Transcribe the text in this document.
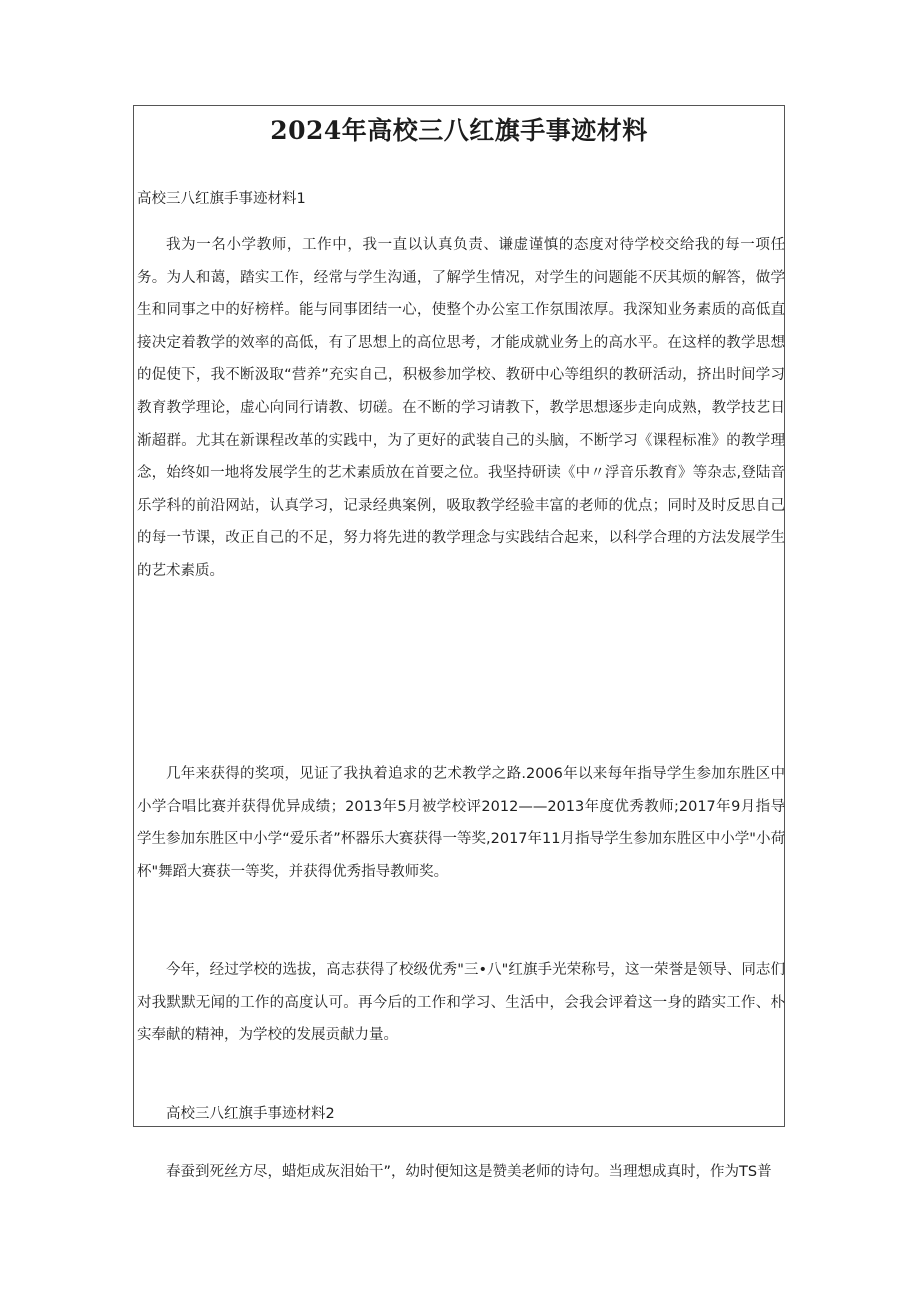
2024年高校三八红旗手事迹材料
高校三八红旗手事迹材料1

我为一名小学教师，工作中，我一直以认真负责、谦虚谨慎的态度对待学校交给我的每一项任务。为人和蔼，踏实工作，经常与学生沟通，了解学生情况，对学生的问题能不厌其烦的解答，做学生和同事之中的好榜样。能与同事团结一心，使整个办公室工作氛围浓厚。我深知业务素质的高低直接决定着教学的效率的高低，有了思想上的高位思考，才能成就业务上的高水平。在这样的教学思想的促使下，我不断汲取“营养”充实自己，积极参加学校、教研中心等组织的教研活动，挤出时间学习教育教学理论，虚心向同行请教、切磋。在不断的学习请教下，教学思想逐步走向成熟，教学技艺日渐超群。尤其在新课程改革的实践中，为了更好的武装自己的头脑，不断学习《课程标准》的教学理念，始终如一地将发展学生的艺术素质放在首要之位。我坚持研读《中〃浮音乐教育》等杂志,登陆音乐学科的前沿网站，认真学习，记录经典案例，吸取教学经验丰富的老师的优点；同时及时反思自己的每一节课，改正自己的不足，努力将先进的教学理念与实践结合起来，以科学合理的方法发展学生的艺术素质。

几年来获得的奖项，见证了我执着追求的艺术教学之路.2006年以来每年指导学生参加东胜区中小学合唱比赛并获得优异成绩；2013年5月被学校评2012——2013年度优秀教师;2017年9月指导学生参加东胜区中小学“爱乐者”杯器乐大赛获得一等奖,2017年11月指导学生参加东胜区中小学"小荷杯"舞蹈大赛获一等奖，并获得优秀指导教师奖。

今年，经过学校的选拔，高志获得了校级优秀"三•八"红旗手光荣称号，这一荣誉是领导、同志们对我默默无闻的工作的高度认可。再今后的工作和学习、生活中，会我会评着这一身的踏实工作、朴实奉献的精神，为学校的发展贡献力量。

高校三八红旗手事迹材料2

春蚕到死丝方尽，蜡炬成灰泪始干”，幼时便知这是赞美老师的诗句。当理想成真时，作为TS普
